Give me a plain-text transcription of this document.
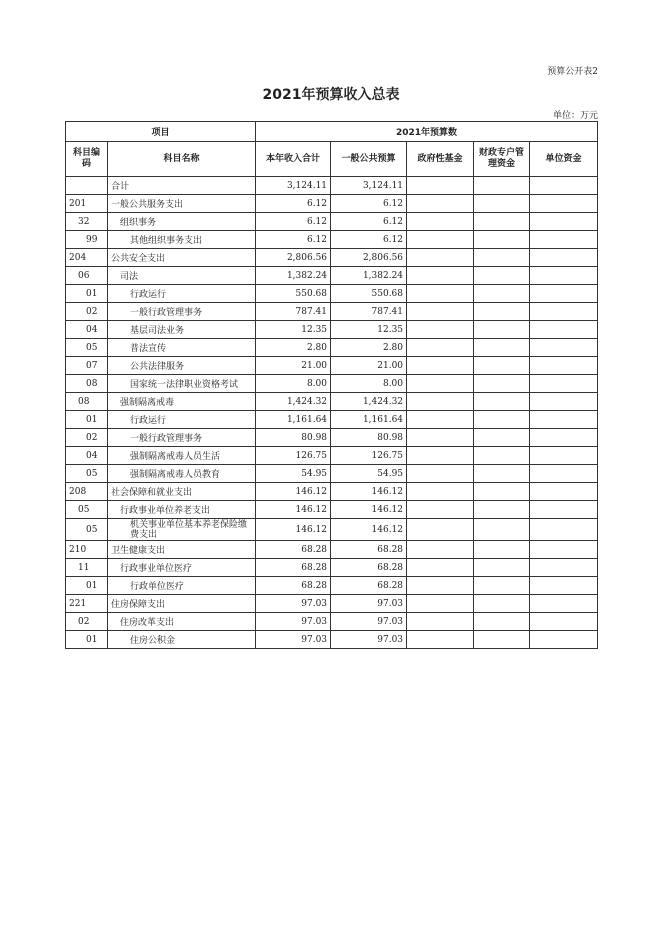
预算公开表2
2021年预算收入总表
单位：万元
项目		2021年预算数				
科目编码	科目名称	本年收入合计	一般公共预算	政府性基金	财政专户管理资金	单位资金
	合计	3,124.11	3,124.11			
201	一般公共服务支出	6.12	6.12			
32	组织事务	6.12	6.12			
99	其他组织事务支出	6.12	6.12			
204	公共安全支出	2,806.56	2,806.56			
06	司法	1,382.24	1,382.24			
01	行政运行	550.68	550.68			
02	一般行政管理事务	787.41	787.41			
04	基层司法业务	12.35	12.35			
05	普法宣传	2.80	2.80			
07	公共法律服务	21.00	21.00			
08	国家统一法律职业资格考试	8.00	8.00			
08	强制隔离戒毒	1,424.32	1,424.32			
01	行政运行	1,161.64	1,161.64			
02	一般行政管理事务	80.98	80.98			
04	强制隔离戒毒人员生活	126.75	126.75			
05	强制隔离戒毒人员教育	54.95	54.95			
208	社会保障和就业支出	146.12	146.12			
05	行政事业单位养老支出	146.12	146.12			
05	机关事业单位基本养老保险缴费支出	146.12	146.12			
210	卫生健康支出	68.28	68.28			
11	行政事业单位医疗	68.28	68.28			
01	行政单位医疗	68.28	68.28			
221	住房保障支出	97.03	97.03			
02	住房改革支出	97.03	97.03			
01	住房公积金	97.03	97.03			
